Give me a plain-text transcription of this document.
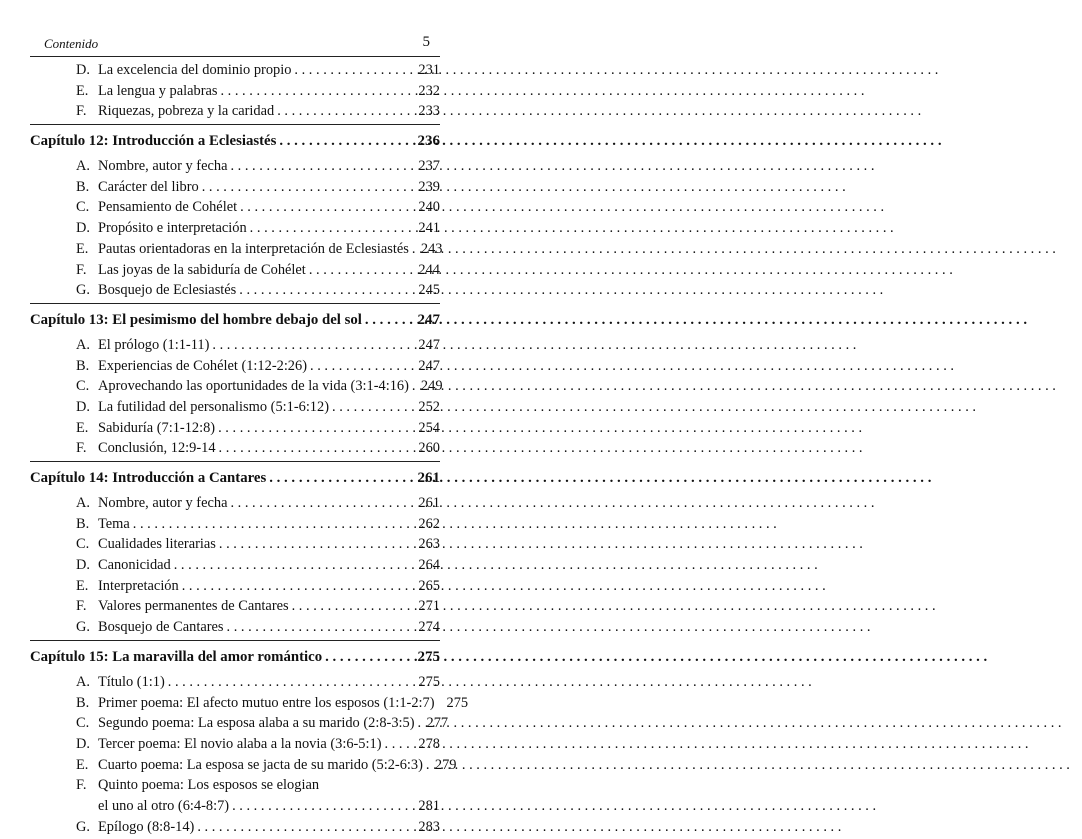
Contenido	5
D. La excelencia del dominio propio . . .	231
E. La lengua y palabras . . .	232
F. Riquezas, pobreza y la caridad . . .	233
Capítulo 12: Introducción a Eclesiastés . . .	236
A. Nombre, autor y fecha . . .	237
B. Carácter del libro . . .	239
C. Pensamiento de Cohélet . . .	240
D. Propósito e interpretación . . .	241
E. Pautas orientadoras en la interpretación de Eclesiastés . . . 243
F. Las joyas de la sabiduría de Cohélet . . .	244
G. Bosquejo de Eclesiastés . . .	245
Capítulo 13: El pesimismo del hombre debajo del sol . . .	247
A. El prólogo (1:1-11) . . .	247
B. Experiencias de Cohélet (1:12-2:26) . . .	247
C. Aprovechando las oportunidades de la vida (3:1-4:16) . . . 249
D. La futilidad del personalismo (5:1-6:12) . . .	252
E. Sabiduría (7:1-12:8) . . .	254
F. Conclusión, 12:9-14 . . .	260
Capítulo 14: Introducción a Cantares . . .	261
A. Nombre, autor y fecha . . .	261
B. Tema . . .	262
C. Cualidades literarias . . .	263
D. Canonicidad . . .	264
E. Interpretación . . .	265
F. Valores permanentes de Cantares . . .	271
G. Bosquejo de Cantares . . .	274
Capítulo 15: La maravilla del amor romántico . . .	275
A. Título (1:1) . . .	275
B. Primer poema: El afecto mutuo entre los esposos (1:1-2:7) 275
C. Segundo poema: La esposa alaba a su marido (2:8-3:5) . . . 277
D. Tercer poema: El novio alaba a la novia (3:6-5:1) . . .	278
E. Cuarto poema: La esposa se jacta de su marido (5:2-6:3) . . . 279
F. Quinto poema: Los esposos se elogian
el uno al otro (6:4-8:7) . . .	281
G. Epílogo (8:8-14) . . .	283
